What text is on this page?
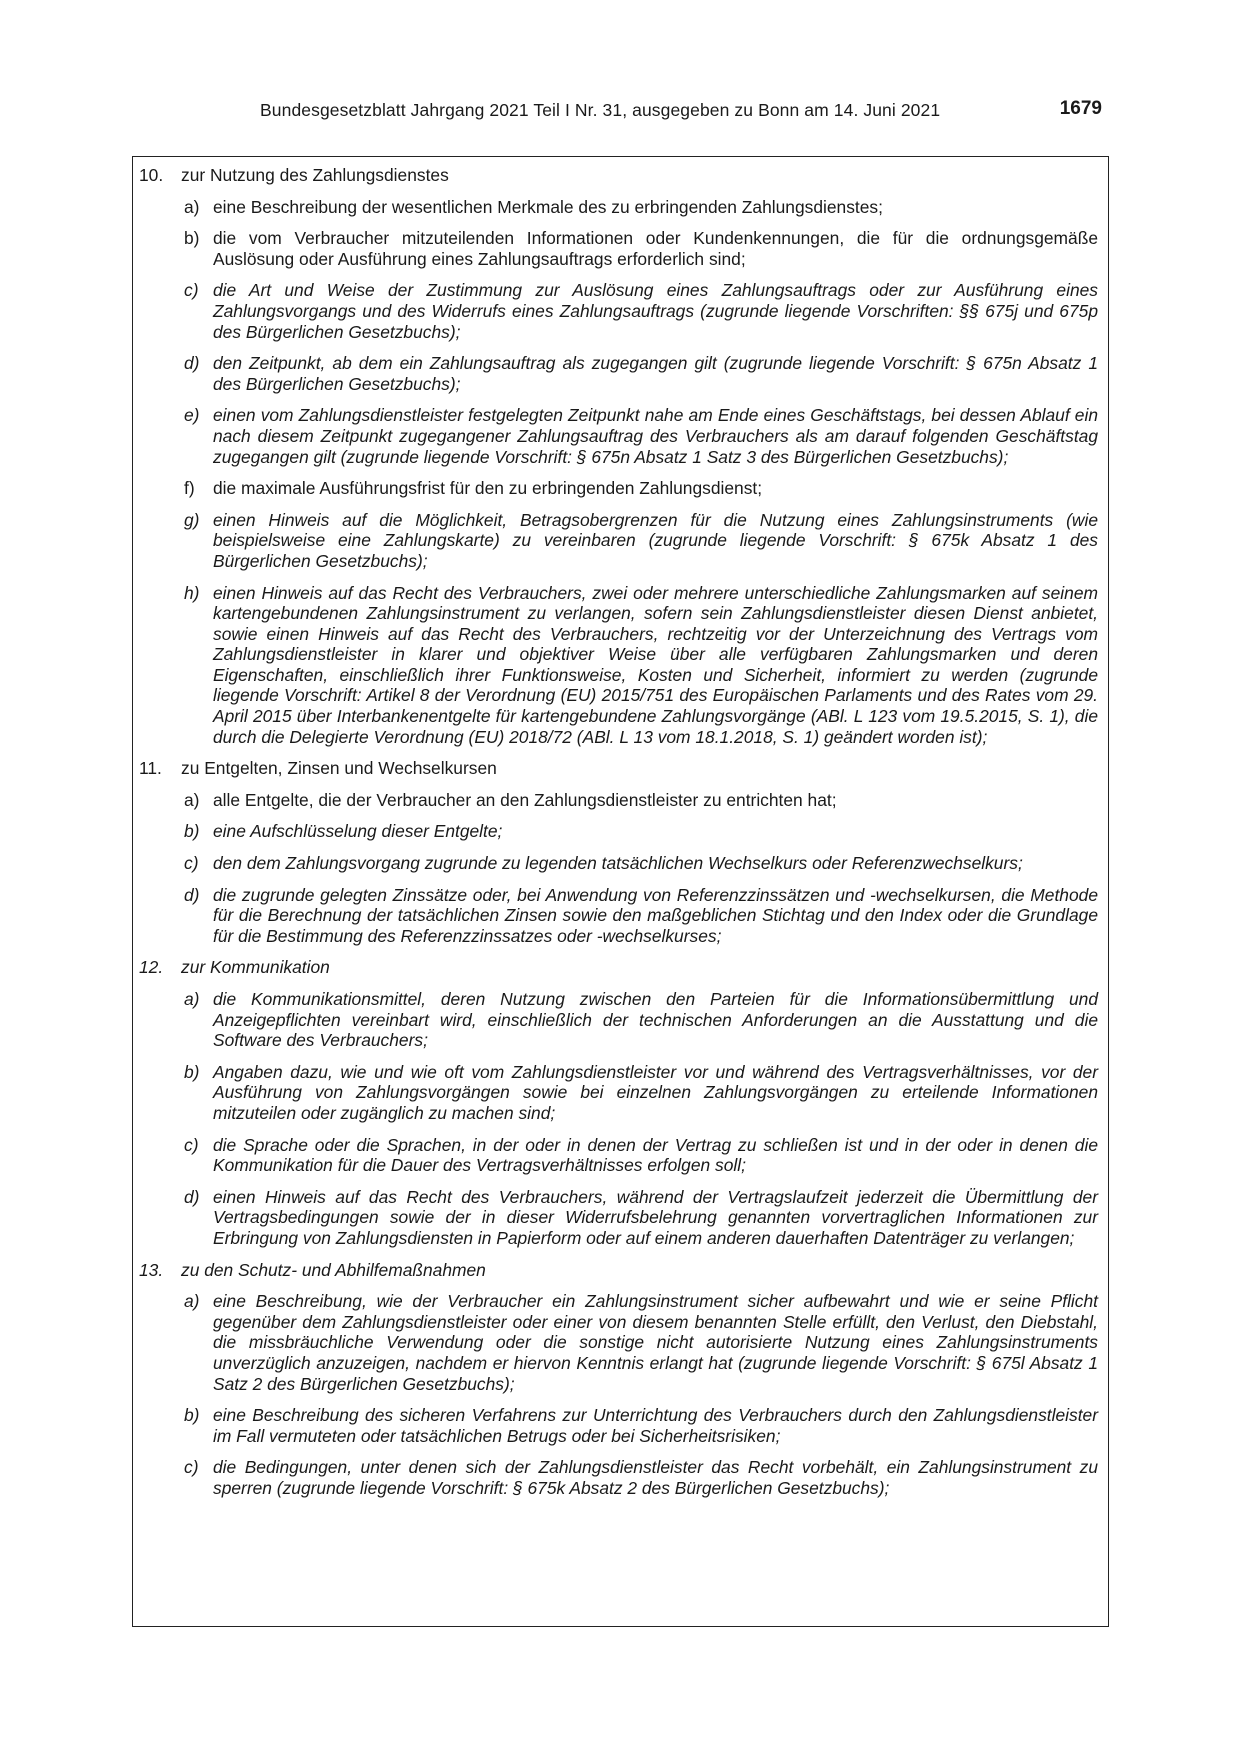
Bundesgesetzblatt Jahrgang 2021 Teil I Nr. 31, ausgegeben zu Bonn am 14. Juni 2021	1679
10. zur Nutzung des Zahlungsdienstes
a) eine Beschreibung der wesentlichen Merkmale des zu erbringenden Zahlungsdienstes;
b) die vom Verbraucher mitzuteilenden Informationen oder Kundenkennungen, die für die ordnungsgemäße Auslösung oder Ausführung eines Zahlungsauftrags erforderlich sind;
c) die Art und Weise der Zustimmung zur Auslösung eines Zahlungsauftrags oder zur Ausführung eines Zahlungsvorgangs und des Widerrufs eines Zahlungsauftrags (zugrunde liegende Vorschriften: §§ 675j und 675p des Bürgerlichen Gesetzbuchs);
d) den Zeitpunkt, ab dem ein Zahlungsauftrag als zugegangen gilt (zugrunde liegende Vorschrift: § 675n Absatz 1 des Bürgerlichen Gesetzbuchs);
e) einen vom Zahlungsdienstleister festgelegten Zeitpunkt nahe am Ende eines Geschäftstags, bei dessen Ablauf ein nach diesem Zeitpunkt zugegangener Zahlungsauftrag des Verbrauchers als am darauf folgenden Geschäftstag zugegangen gilt (zugrunde liegende Vorschrift: § 675n Absatz 1 Satz 3 des Bürgerlichen Gesetzbuchs);
f) die maximale Ausführungsfrist für den zu erbringenden Zahlungsdienst;
g) einen Hinweis auf die Möglichkeit, Betragsobergrenzen für die Nutzung eines Zahlungsinstruments (wie beispielsweise eine Zahlungskarte) zu vereinbaren (zugrunde liegende Vorschrift: § 675k Absatz 1 des Bürgerlichen Gesetzbuchs);
h) einen Hinweis auf das Recht des Verbrauchers, zwei oder mehrere unterschiedliche Zahlungsmarken auf seinem kartengebundenen Zahlungsinstrument zu verlangen, sofern sein Zahlungsdienstleister diesen Dienst anbietet, sowie einen Hinweis auf das Recht des Verbrauchers, rechtzeitig vor der Unterzeichnung des Vertrags vom Zahlungsdienstleister in klarer und objektiver Weise über alle verfügbaren Zahlungsmarken und deren Eigenschaften, einschließlich ihrer Funktionsweise, Kosten und Sicherheit, informiert zu werden (zugrunde liegende Vorschrift: Artikel 8 der Verordnung (EU) 2015/751 des Europäischen Parlaments und des Rates vom 29. April 2015 über Interbankenentgelte für kartengebundene Zahlungsvorgänge (ABl. L 123 vom 19.5.2015, S. 1), die durch die Delegierte Verordnung (EU) 2018/72 (ABl. L 13 vom 18.1.2018, S. 1) geändert worden ist);
11. zu Entgelten, Zinsen und Wechselkursen
a) alle Entgelte, die der Verbraucher an den Zahlungsdienstleister zu entrichten hat;
b) eine Aufschlüsselung dieser Entgelte;
c) den dem Zahlungsvorgang zugrunde zu legenden tatsächlichen Wechselkurs oder Referenzwechselkurs;
d) die zugrunde gelegten Zinssätze oder, bei Anwendung von Referenzzinssätzen und -wechselkursen, die Methode für die Berechnung der tatsächlichen Zinsen sowie den maßgeblichen Stichtag und den Index oder die Grundlage für die Bestimmung des Referenzzinssatzes oder -wechselkurses;
12. zur Kommunikation
a) die Kommunikationsmittel, deren Nutzung zwischen den Parteien für die Informationsübermittlung und Anzeigepflichten vereinbart wird, einschließlich der technischen Anforderungen an die Ausstattung und die Software des Verbrauchers;
b) Angaben dazu, wie und wie oft vom Zahlungsdienstleister vor und während des Vertragsverhältnisses, vor der Ausführung von Zahlungsvorgängen sowie bei einzelnen Zahlungsvorgängen zu erteilende Informationen mitzuteilen oder zugänglich zu machen sind;
c) die Sprache oder die Sprachen, in der oder in denen der Vertrag zu schließen ist und in der oder in denen die Kommunikation für die Dauer des Vertragsverhältnisses erfolgen soll;
d) einen Hinweis auf das Recht des Verbrauchers, während der Vertragslaufzeit jederzeit die Übermittlung der Vertragsbedingungen sowie der in dieser Widerrufsbelehrung genannten vorvertraglichen Informationen zur Erbringung von Zahlungsdiensten in Papierform oder auf einem anderen dauerhaften Datenträger zu verlangen;
13. zu den Schutz- und Abhilfemaßnahmen
a) eine Beschreibung, wie der Verbraucher ein Zahlungsinstrument sicher aufbewahrt und wie er seine Pflicht gegenüber dem Zahlungsdienstleister oder einer von diesem benannten Stelle erfüllt, den Verlust, den Diebstahl, die missbräuchliche Verwendung oder die sonstige nicht autorisierte Nutzung eines Zahlungsinstruments unverzüglich anzuzeigen, nachdem er hiervon Kenntnis erlangt hat (zugrunde liegende Vorschrift: § 675l Absatz 1 Satz 2 des Bürgerlichen Gesetzbuchs);
b) eine Beschreibung des sicheren Verfahrens zur Unterrichtung des Verbrauchers durch den Zahlungsdienstleister im Fall vermuteten oder tatsächlichen Betrugs oder bei Sicherheitsrisiken;
c) die Bedingungen, unter denen sich der Zahlungsdienstleister das Recht vorbehält, ein Zahlungsinstrument zu sperren (zugrunde liegende Vorschrift: § 675k Absatz 2 des Bürgerlichen Gesetzbuchs);
